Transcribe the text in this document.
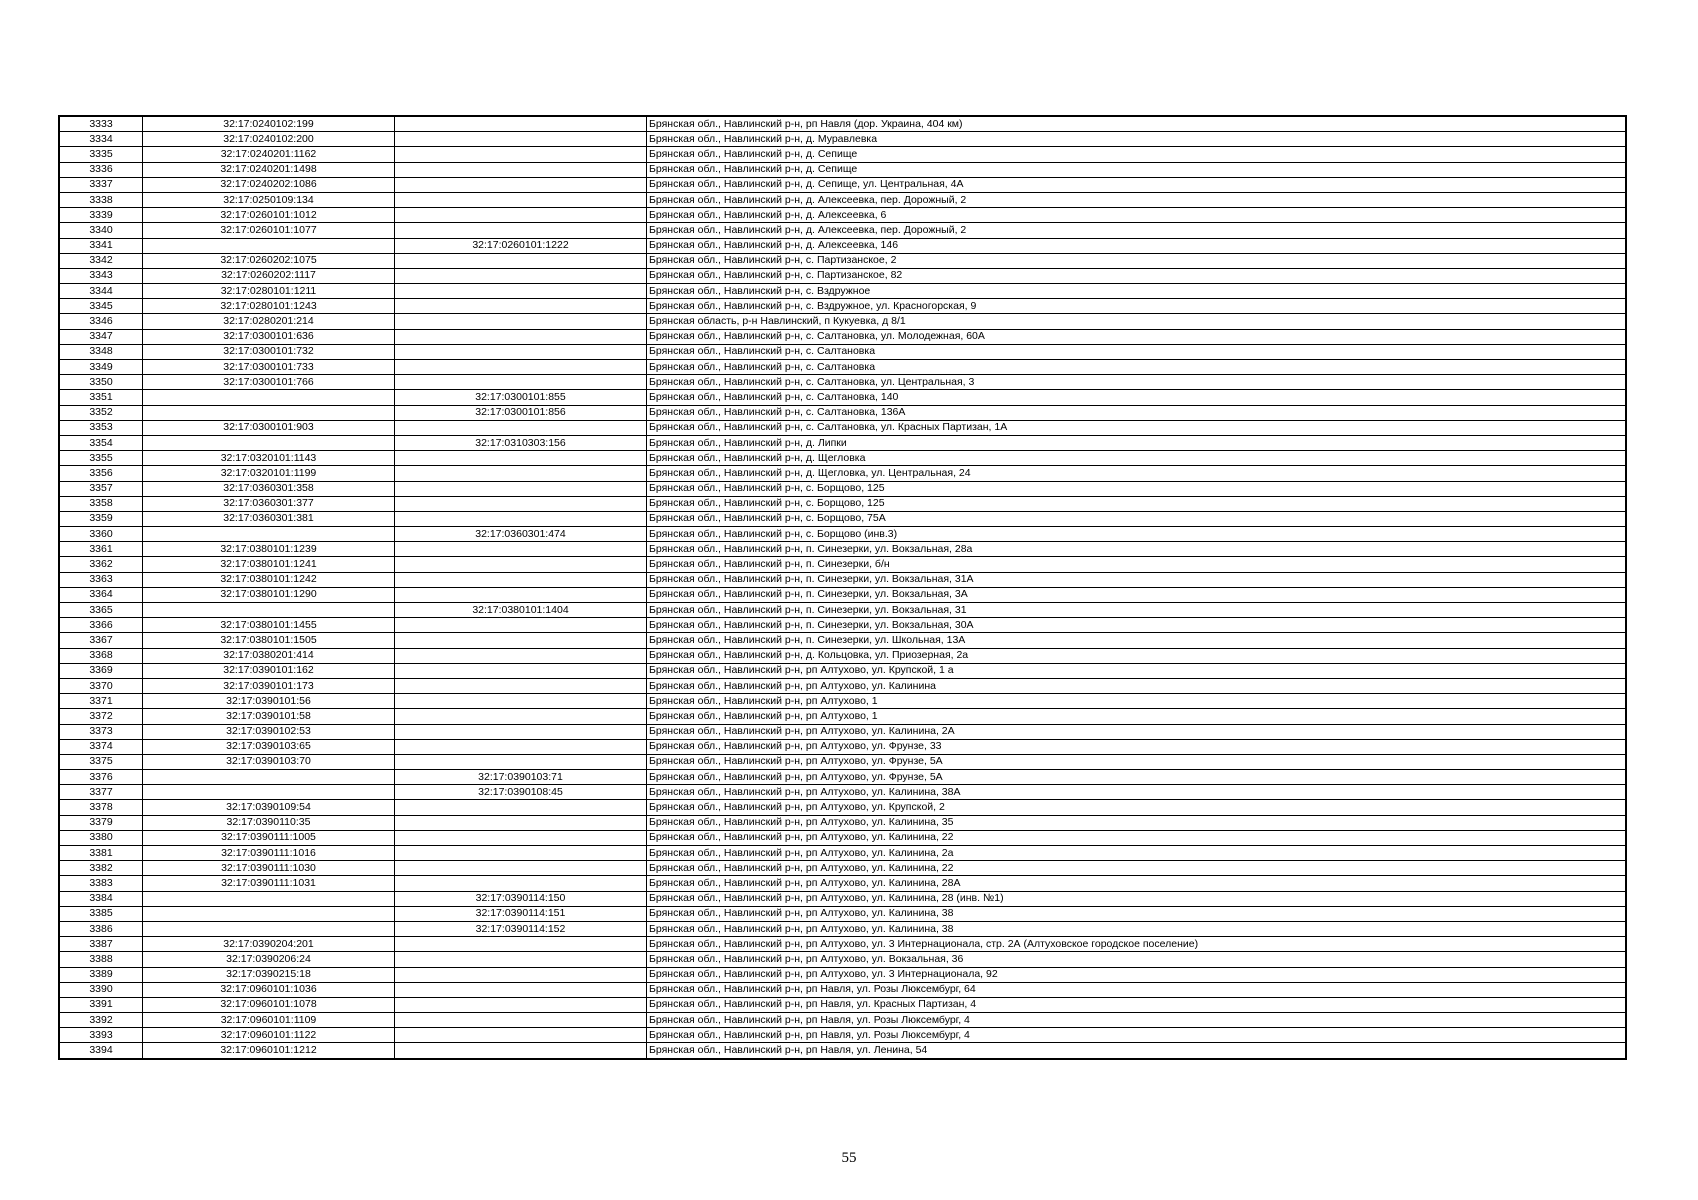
3333	32:17:0240102:199		Брянская обл., Навлинский р-н, рп Навля (дор. Украина, 404 км)
3334	32:17:0240102:200		Брянская обл., Навлинский р-н, д. Муравлевка
3335	32:17:0240201:1162		Брянская обл., Навлинский р-н, д. Сепище
3336	32:17:0240201:1498		Брянская обл., Навлинский р-н, д. Сепище
3337	32:17:0240202:1086		Брянская обл., Навлинский р-н, д. Сепище, ул. Центральная, 4А
3338	32:17:0250109:134		Брянская обл., Навлинский р-н, д. Алексеевка, пер. Дорожный, 2
3339	32:17:0260101:1012		Брянская обл., Навлинский р-н, д. Алексеевка, 6
3340	32:17:0260101:1077		Брянская обл., Навлинский р-н, д. Алексеевка, пер. Дорожный, 2
3341		32:17:0260101:1222	Брянская обл., Навлинский р-н, д. Алексеевка, 146
3342	32:17:0260202:1075		Брянская обл., Навлинский р-н, с. Партизанское, 2
3343	32:17:0260202:1117		Брянская обл., Навлинский р-н, с. Партизанское, 82
3344	32:17:0280101:1211		Брянская обл., Навлинский р-н, с. Вздружное
3345	32:17:0280101:1243		Брянская обл., Навлинский р-н, с. Вздружное, ул. Красногорская, 9
3346	32:17:0280201:214		Брянская область, р-н Навлинский, п Кукуевка, д 8/1
3347	32:17:0300101:636		Брянская обл., Навлинский р-н, с. Салтановка, ул. Молодежная, 60А
3348	32:17:0300101:732		Брянская обл., Навлинский р-н, с. Салтановка
3349	32:17:0300101:733		Брянская обл., Навлинский р-н, с. Салтановка
3350	32:17:0300101:766		Брянская обл., Навлинский р-н, с. Салтановка, ул. Центральная, 3
3351		32:17:0300101:855	Брянская обл., Навлинский р-н, с. Салтановка, 140
3352		32:17:0300101:856	Брянская обл., Навлинский р-н, с. Салтановка, 136А
3353	32:17:0300101:903		Брянская обл., Навлинский р-н, с. Салтановка, ул. Красных Партизан, 1А
3354		32:17:0310303:156	Брянская обл., Навлинский р-н, д. Липки
3355	32:17:0320101:1143		Брянская обл., Навлинский р-н, д. Щегловка
3356	32:17:0320101:1199		Брянская обл., Навлинский р-н, д. Щегловка, ул. Центральная, 24
3357	32:17:0360301:358		Брянская обл., Навлинский р-н, с. Борщово, 125
3358	32:17:0360301:377		Брянская обл., Навлинский р-н, с. Борщово, 125
3359	32:17:0360301:381		Брянская обл., Навлинский р-н, с. Борщово, 75А
3360		32:17:0360301:474	Брянская обл., Навлинский р-н, с. Борщово (инв.3)
3361	32:17:0380101:1239		Брянская обл., Навлинский р-н, п. Синезерки, ул. Вокзальная, 28а
3362	32:17:0380101:1241		Брянская обл., Навлинский р-н, п. Синезерки, б/н
3363	32:17:0380101:1242		Брянская обл., Навлинский р-н, п. Синезерки, ул. Вокзальная, 31А
3364	32:17:0380101:1290		Брянская обл., Навлинский р-н, п. Синезерки, ул. Вокзальная, 3А
3365		32:17:0380101:1404	Брянская обл., Навлинский р-н, п. Синезерки, ул. Вокзальная, 31
3366	32:17:0380101:1455		Брянская обл., Навлинский р-н, п. Синезерки, ул. Вокзальная, 30А
3367	32:17:0380101:1505		Брянская обл., Навлинский р-н, п. Синезерки, ул. Школьная, 13А
3368	32:17:0380201:414		Брянская обл., Навлинский р-н, д. Кольцовка, ул. Приозерная, 2а
3369	32:17:0390101:162		Брянская обл., Навлинский р-н, рп Алтухово, ул. Крупской, 1 а
3370	32:17:0390101:173		Брянская обл., Навлинский р-н, рп Алтухово, ул. Калинина
3371	32:17:0390101:56		Брянская обл., Навлинский р-н, рп Алтухово, 1
3372	32:17:0390101:58		Брянская обл., Навлинский р-н, рп Алтухово, 1
3373	32:17:0390102:53		Брянская обл., Навлинский р-н, рп Алтухово, ул. Калинина, 2А
3374	32:17:0390103:65		Брянская обл., Навлинский р-н, рп Алтухово, ул. Фрунзе, 33
3375	32:17:0390103:70		Брянская обл., Навлинский р-н, рп Алтухово, ул. Фрунзе, 5А
3376		32:17:0390103:71	Брянская обл., Навлинский р-н, рп Алтухово, ул. Фрунзе, 5А
3377		32:17:0390108:45	Брянская обл., Навлинский р-н, рп Алтухово, ул. Калинина, 38А
3378	32:17:0390109:54		Брянская обл., Навлинский р-н, рп Алтухово, ул. Крупской, 2
3379	32:17:0390110:35		Брянская обл., Навлинский р-н, рп Алтухово, ул. Калинина, 35
3380	32:17:0390111:1005		Брянская обл., Навлинский р-н, рп Алтухово, ул. Калинина, 22
3381	32:17:0390111:1016		Брянская обл., Навлинский р-н, рп Алтухово, ул. Калинина, 2а
3382	32:17:0390111:1030		Брянская обл., Навлинский р-н, рп Алтухово, ул. Калинина, 22
3383	32:17:0390111:1031		Брянская обл., Навлинский р-н, рп Алтухово, ул. Калинина, 28А
3384		32:17:0390114:150	Брянская обл., Навлинский р-н, рп Алтухово, ул. Калинина, 28 (инв. №1)
3385		32:17:0390114:151	Брянская обл., Навлинский р-н, рп Алтухово, ул. Калинина, 38
3386		32:17:0390114:152	Брянская обл., Навлинский р-н, рп Алтухово, ул. Калинина, 38
3387	32:17:0390204:201		Брянская обл., Навлинский р-н, рп Алтухово, ул. 3 Интернационала, стр. 2А (Алтуховское городское поселение)
3388	32:17:0390206:24		Брянская обл., Навлинский р-н, рп Алтухово, ул. Вокзальная, 36
3389	32:17:0390215:18		Брянская обл., Навлинский р-н, рп Алтухово, ул. 3 Интернационала, 92
3390	32:17:0960101:1036		Брянская обл., Навлинский р-н, рп Навля, ул. Розы Люксембург, 64
3391	32:17:0960101:1078		Брянская обл., Навлинский р-н, рп Навля, ул. Красных Партизан, 4
3392	32:17:0960101:1109		Брянская обл., Навлинский р-н, рп Навля, ул. Розы Люксембург, 4
3393	32:17:0960101:1122		Брянская обл., Навлинский р-н, рп Навля, ул. Розы Люксембург, 4
3394	32:17:0960101:1212		Брянская обл., Навлинский р-н, рп Навля, ул. Ленина, 54
55
